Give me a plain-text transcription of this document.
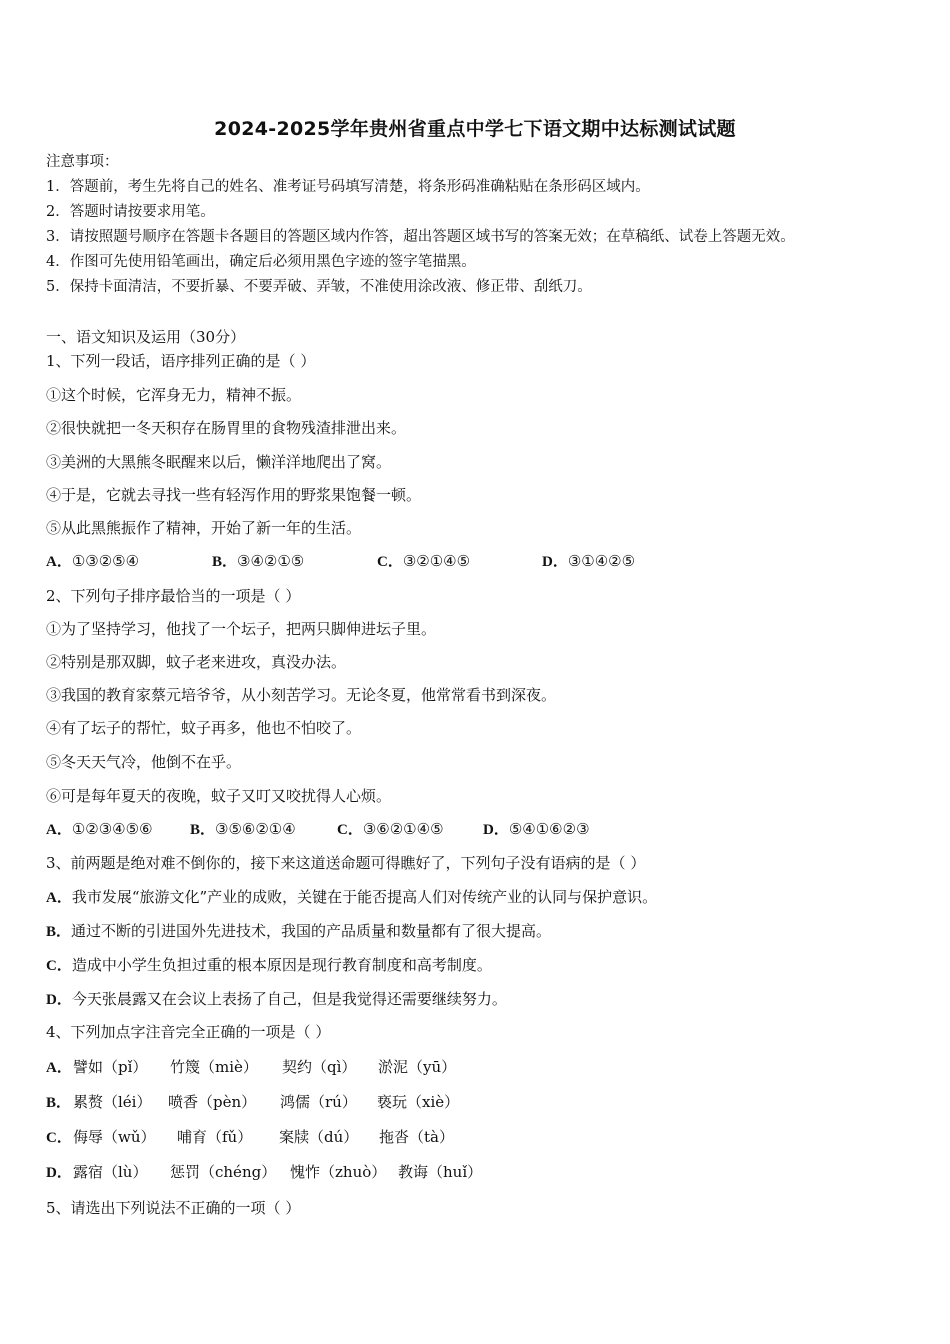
2024-2025学年贵州省重点中学七下语文期中达标测试试题
注意事项：
1．答题前，考生先将自己的姓名、准考证号码填写清楚，将条形码准确粘贴在条形码区域内。
2．答题时请按要求用笔。
3．请按照题号顺序在答题卡各题目的答题区域内作答，超出答题区域书写的答案无效；在草稿纸、试卷上答题无效。
4．作图可先使用铅笔画出，确定后必须用黑色字迹的签字笔描黑。
5．保持卡面清洁，不要折暴、不要弄破、弄皱，不准使用涂改液、修正带、刮纸刀。
一、语文知识及运用（30分）
1、下列一段话，语序排列正确的是（ ）
①这个时候，它浑身无力，精神不振。
②很快就把一冬天积存在肠胃里的食物残渣排泄出来。
③美洲的大黑熊冬眠醒来以后，懒洋洋地爬出了窝。
④于是，它就去寻找一些有轻泻作用的野浆果饱餐一顿。
⑤从此黑熊振作了精神，开始了新一年的生活。
A．①③②⑤④	B．③④②①⑤	C．③②①④⑤	D．③①④②⑤
2、下列句子排序最恰当的一项是（ ）
①为了坚持学习，他找了一个坛子，把两只脚伸进坛子里。
②特别是那双脚，蚊子老来进攻，真没办法。
③我国的教育家蔡元培爷爷，从小刻苦学习。无论冬夏，他常常看书到深夜。
④有了坛子的帮忙，蚊子再多，他也不怕咬了。
⑤冬天天气冷，他倒不在乎。
⑥可是每年夏天的夜晚，蚊子又叮又咬扰得人心烦。
A．①②③④⑤⑥ B．③⑤⑥②①④	C．③⑥②①④⑤	D．⑤④①⑥②③
3、前两题是绝对难不倒你的，接下来这道送命题可得瞧好了，下列句子没有语病的是（ ）
A．我市发展“旅游文化”产业的成败，关键在于能否提高人们对传统产业的认同与保护意识。
B．通过不断的引进国外先进技术，我国的产品质量和数量都有了很大提高。
C．造成中小学生负担过重的根本原因是现行教育制度和高考制度。
D．今天张晨露又在会议上表扬了自己，但是我觉得还需要继续努力。
4、下列加点字注音完全正确的一项是（ ）
A． 譬如（pǐ） 竹篾（miè） 契约（qì） 淤泥（yū）
B． 累赘（léi） 喷香（pèn） 鸿儒（rú） 亵玩（xiè）
C． 侮辱（wǔ） 哺育（fǔ） 案牍（dú） 拖沓（tà）
D． 露宿（lù） 惩罚（chéng） 愧怍（zhuò） 教诲（huǐ）
5、请选出下列说法不正确的一项（ ）
